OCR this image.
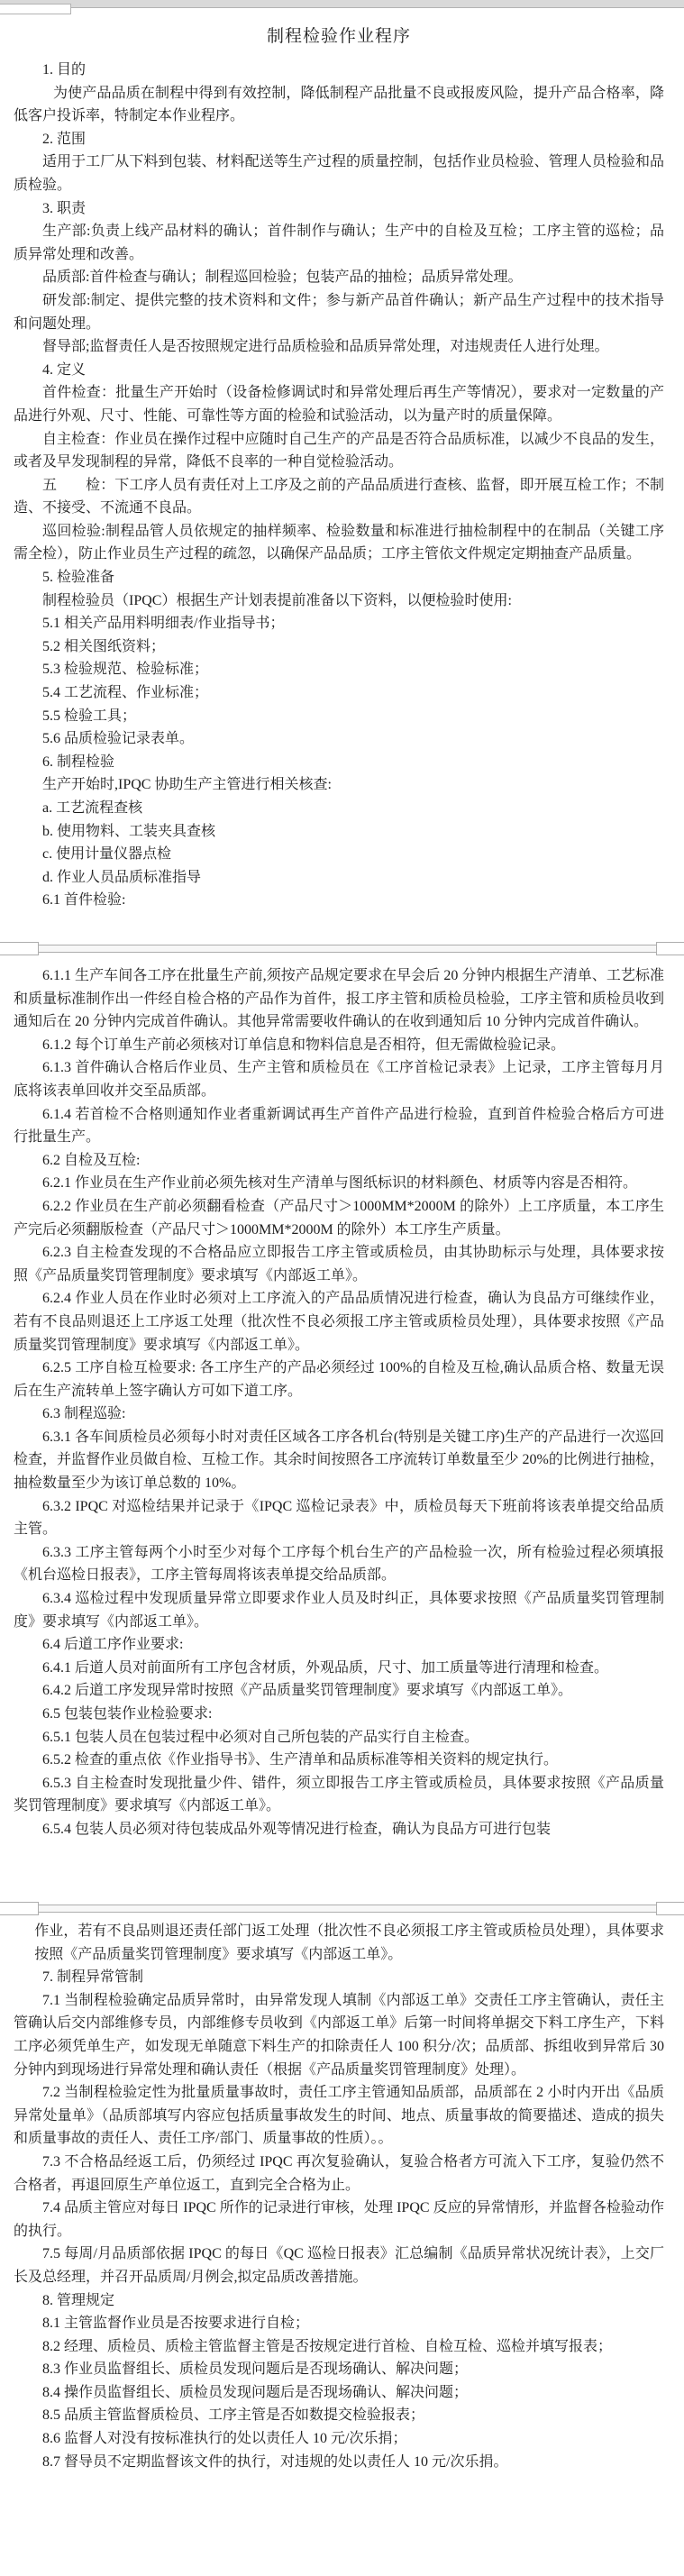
制程检验作业程序

1. 目的

为使产品品质在制程中得到有效控制，降低制程产品批量不良或报废风险，提升产品合格率，降低客户投诉率，特制定本作业程序。

2. 范围

适用于工厂从下料到包装、材料配送等生产过程的质量控制，包括作业员检验、管理人员检验和品质检验。

3. 职责

生产部:负责上线产品材料的确认；首件制作与确认；生产中的自检及互检；工序主管的巡检；品质异常处理和改善。

品质部:首件检查与确认；制程巡回检验；包装产品的抽检；品质异常处理。

研发部:制定、提供完整的技术资料和文件；参与新产品首件确认；新产品生产过程中的技术指导和问题处理。

督导部;监督责任人是否按照规定进行品质检验和品质异常处理，对违规责任人进行处理。

4. 定义

首件检查：批量生产开始时（设备检修调试时和异常处理后再生产等情况），要求对一定数量的产品进行外观、尺寸、性能、可靠性等方面的检验和试验活动，以为量产时的质量保障。

自主检查：作业员在操作过程中应随时自己生产的产品是否符合品质标准，以减少不良品的发生，或者及早发现制程的异常，降低不良率的一种自觉检验活动。

五　　检：下工序人员有责任对上工序及之前的产品品质进行查核、监督，即开展互检工作；不制造、不接受、不流通不良品。

巡回检验:制程品管人员依规定的抽样频率、检验数量和标准进行抽检制程中的在制品（关键工序需全检），防止作业员生产过程的疏忽，以确保产品品质；工序主管依文件规定定期抽查产品质量。

5. 检验准备

制程检验员（IPQC）根据生产计划表提前准备以下资料，以便检验时使用:

5.1 相关产品用料明细表/作业指导书；

5.2 相关图纸资料；

5.3 检验规范、检验标准；

5.4 工艺流程、作业标准；

5.5 检验工具；

5.6 品质检验记录表单。

6. 制程检验

生产开始时,IPQC 协助生产主管进行相关核查:

a. 工艺流程查核

b. 使用物料、工装夹具查核

c. 使用计量仪器点检

d. 作业人员品质标准指导

6.1 首件检验:

6.1.1 生产车间各工序在批量生产前,须按产品规定要求在早会后 20 分钟内根据生产清单、工艺标准和质量标准制作出一件经自检合格的产品作为首件，报工序主管和质检员检验，工序主管和质检员收到通知后在 20 分钟内完成首件确认。其他异常需要收件确认的在收到通知后 10 分钟内完成首件确认。

6.1.2 每个订单生产前必须核对订单信息和物料信息是否相符，但无需做检验记录。

6.1.3 首件确认合格后作业员、生产主管和质检员在《工序首检记录表》上记录，工序主管每月月底将该表单回收并交至品质部。

6.1.4 若首检不合格则通知作业者重新调试再生产首件产品进行检验，直到首件检验合格后方可进行批量生产。

6.2 自检及互检:

6.2.1 作业员在生产作业前必须先核对生产清单与图纸标识的材料颜色、材质等内容是否相符。

6.2.2 作业员在生产前必须翻看检查（产品尺寸＞1000MM*2000M 的除外）上工序质量，本工序生产完后必须翻版检查（产品尺寸＞1000MM*2000M 的除外）本工序生产质量。

6.2.3 自主检查发现的不合格品应立即报告工序主管或质检员，由其协助标示与处理，具体要求按照《产品质量奖罚管理制度》要求填写《内部返工单》。

6.2.4 作业人员在作业时必须对上工序流入的产品品质情况进行检查，确认为良品方可继续作业，若有不良品则退还上工序返工处理（批次性不良必须报工序主管或质检员处理），具体要求按照《产品质量奖罚管理制度》要求填写《内部返工单》。

6.2.5 工序自检互检要求: 各工序生产的产品必须经过 100%的自检及互检,确认品质合格、数量无误后在生产流转单上签字确认方可如下道工序。

6.3 制程巡验:

6.3.1 各车间质检员必须每小时对责任区域各工序各机台(特别是关键工序)生产的产品进行一次巡回检查，并监督作业员做自检、互检工作。其余时间按照各工序流转订单数量至少 20%的比例进行抽检，抽检数量至少为该订单总数的 10%。

6.3.2 IPQC 对巡检结果并记录于《IPQC 巡检记录表》中，质检员每天下班前将该表单提交给品质主管。

6.3.3 工序主管每两个小时至少对每个工序每个机台生产的产品检验一次，所有检验过程必须填报《机台巡检日报表》，工序主管每周将该表单提交给品质部。

6.3.4 巡检过程中发现质量异常立即要求作业人员及时纠正，具体要求按照《产品质量奖罚管理制度》要求填写《内部返工单》。

6.4 后道工序作业要求:

6.4.1 后道人员对前面所有工序包含材质，外观品质，尺寸、加工质量等进行清理和检查。

6.4.2 后道工序发现异常时按照《产品质量奖罚管理制度》要求填写《内部返工单》。

6.5 包装包装作业检验要求:

6.5.1 包装人员在包装过程中必须对自己所包装的产品实行自主检查。

6.5.2 检查的重点依《作业指导书》、生产清单和品质标准等相关资料的规定执行。

6.5.3 自主检查时发现批量少件、错件，须立即报告工序主管或质检员，具体要求按照《产品质量奖罚管理制度》要求填写《内部返工单》。

6.5.4 包装人员必须对待包装成品外观等情况进行检查，确认为良品方可进行包装

作业，若有不良品则退还责任部门返工处理（批次性不良必须报工序主管或质检员处理），具体要求按照《产品质量奖罚管理制度》要求填写《内部返工单》。

7. 制程异常管制

7.1 当制程检验确定品质异常时，由异常发现人填制《内部返工单》交责任工序主管确认，责任主管确认后交内部维修专员，内部维修专员收到《内部返工单》后第一时间将单据交下料工序生产，下料工序必须凭单生产，如发现无单随意下料生产的扣除责任人 100 积分/次；品质部、拆组收到异常后 30 分钟内到现场进行异常处理和确认责任（根据《产品质量奖罚管理制度》处理）。

7.2 当制程检验定性为批量质量事故时，责任工序主管通知品质部，品质部在 2 小时内开出《品质异常处量单》（品质部填写内容应包括质量事故发生的时间、地点、质量事故的简要描述、造成的损失和质量事故的责任人、责任工序/部门、质量事故的性质）。。

7.3 不合格品经返工后，仍须经过 IPQC 再次复验确认，复验合格者方可流入下工序，复验仍然不合格者，再退回原生产单位返工，直到完全合格为止。

7.4 品质主管应对每日 IPQC 所作的记录进行审核，处理 IPQC 反应的异常情形，并监督各检验动作的执行。

7.5 每周/月品质部依据 IPQC 的每日《QC 巡检日报表》汇总编制《品质异常状况统计表》，上交厂长及总经理，并召开品质周/月例会,拟定品质改善措施。

8. 管理规定

8.1 主管监督作业员是否按要求进行自检；

8.2 经理、质检员、质检主管监督主管是否按规定进行首检、自检互检、巡检并填写报表；

8.3 作业员监督组长、质检员发现问题后是否现场确认、解决问题；

8.4 操作员监督组长、质检员发现问题后是否现场确认、解决问题；

8.5 品质主管监督质检员、工序主管是否如数提交检验报表；

8.6 监督人对没有按标准执行的处以责任人 10 元/次乐捐；

8.7 督导员不定期监督该文件的执行，对违规的处以责任人 10 元/次乐捐。
